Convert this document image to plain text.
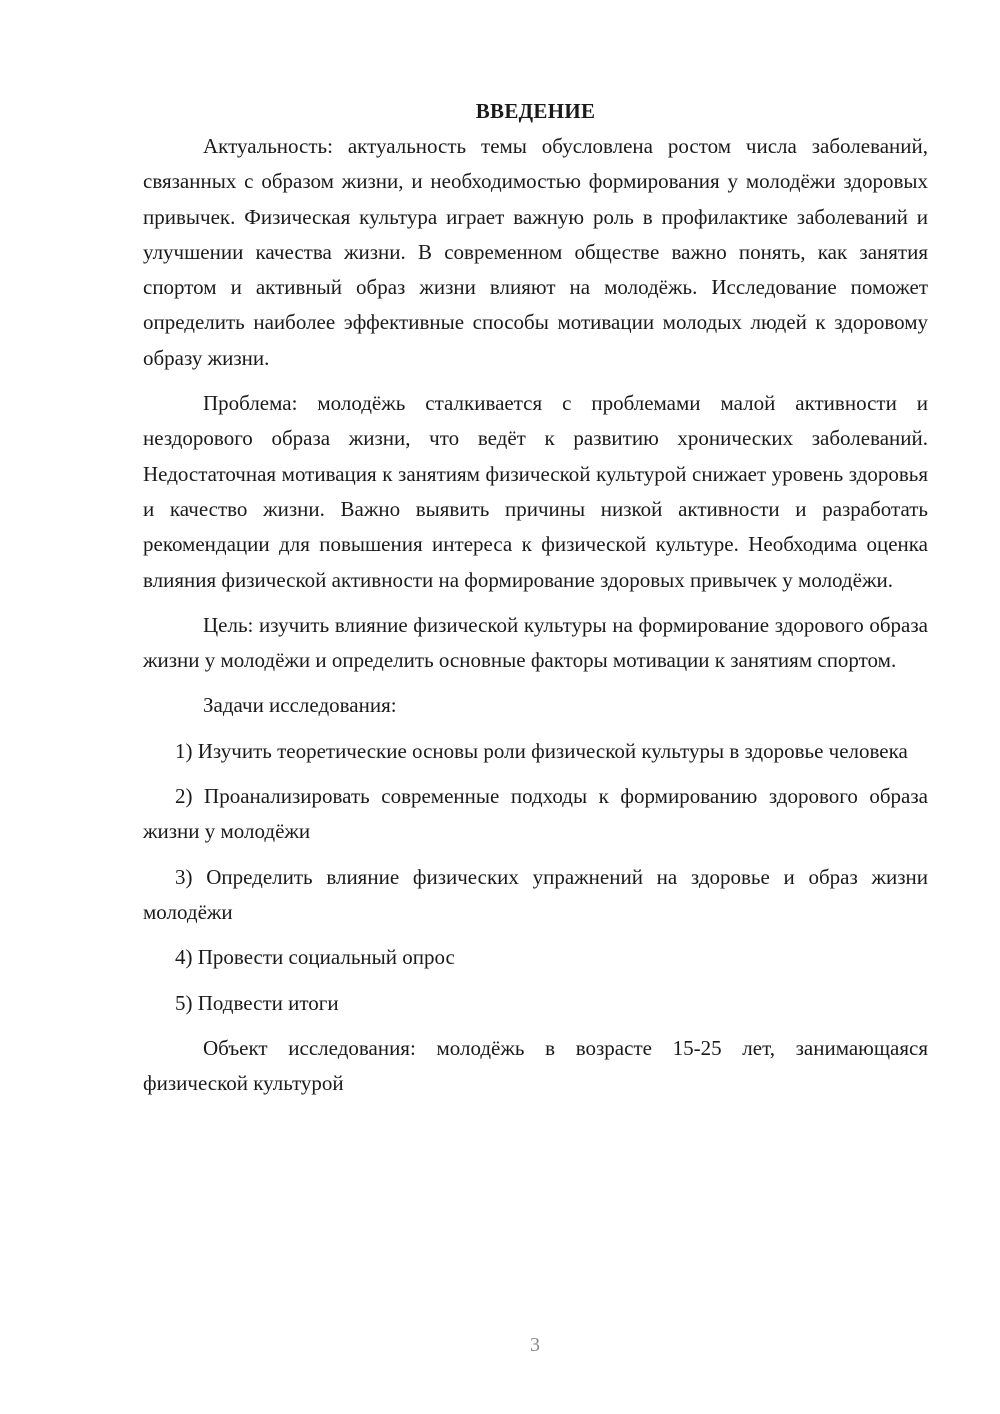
ВВЕДЕНИЕ

Актуальность: актуальность темы обусловлена ростом числа заболеваний, связанных с образом жизни, и необходимостью формирования у молодёжи здоровых привычек. Физическая культура играет важную роль в профилактике заболеваний и улучшении качества жизни. В современном обществе важно понять, как занятия спортом и активный образ жизни влияют на молодёжь. Исследование поможет определить наиболее эффективные способы мотивации молодых людей к здоровому образу жизни.

Проблема: молодёжь сталкивается с проблемами малой активности и нездорового образа жизни, что ведёт к развитию хронических заболеваний. Недостаточная мотивация к занятиям физической культурой снижает уровень здоровья и качество жизни. Важно выявить причины низкой активности и разработать рекомендации для повышения интереса к физической культуре. Необходима оценка влияния физической активности на формирование здоровых привычек у молодёжи.

Цель: изучить влияние физической культуры на формирование здорового образа жизни у молодёжи и определить основные факторы мотивации к занятиям спортом.

Задачи исследования:

1) Изучить теоретические основы роли физической культуры в здоровье человека

2) Проанализировать современные подходы к формированию здорового образа жизни у молодёжи

3) Определить влияние физических упражнений на здоровье и образ жизни молодёжи

4) Провести социальный опрос

5) Подвести итоги

Объект исследования: молодёжь в возрасте 15-25 лет, занимающаяся физической культурой

3
